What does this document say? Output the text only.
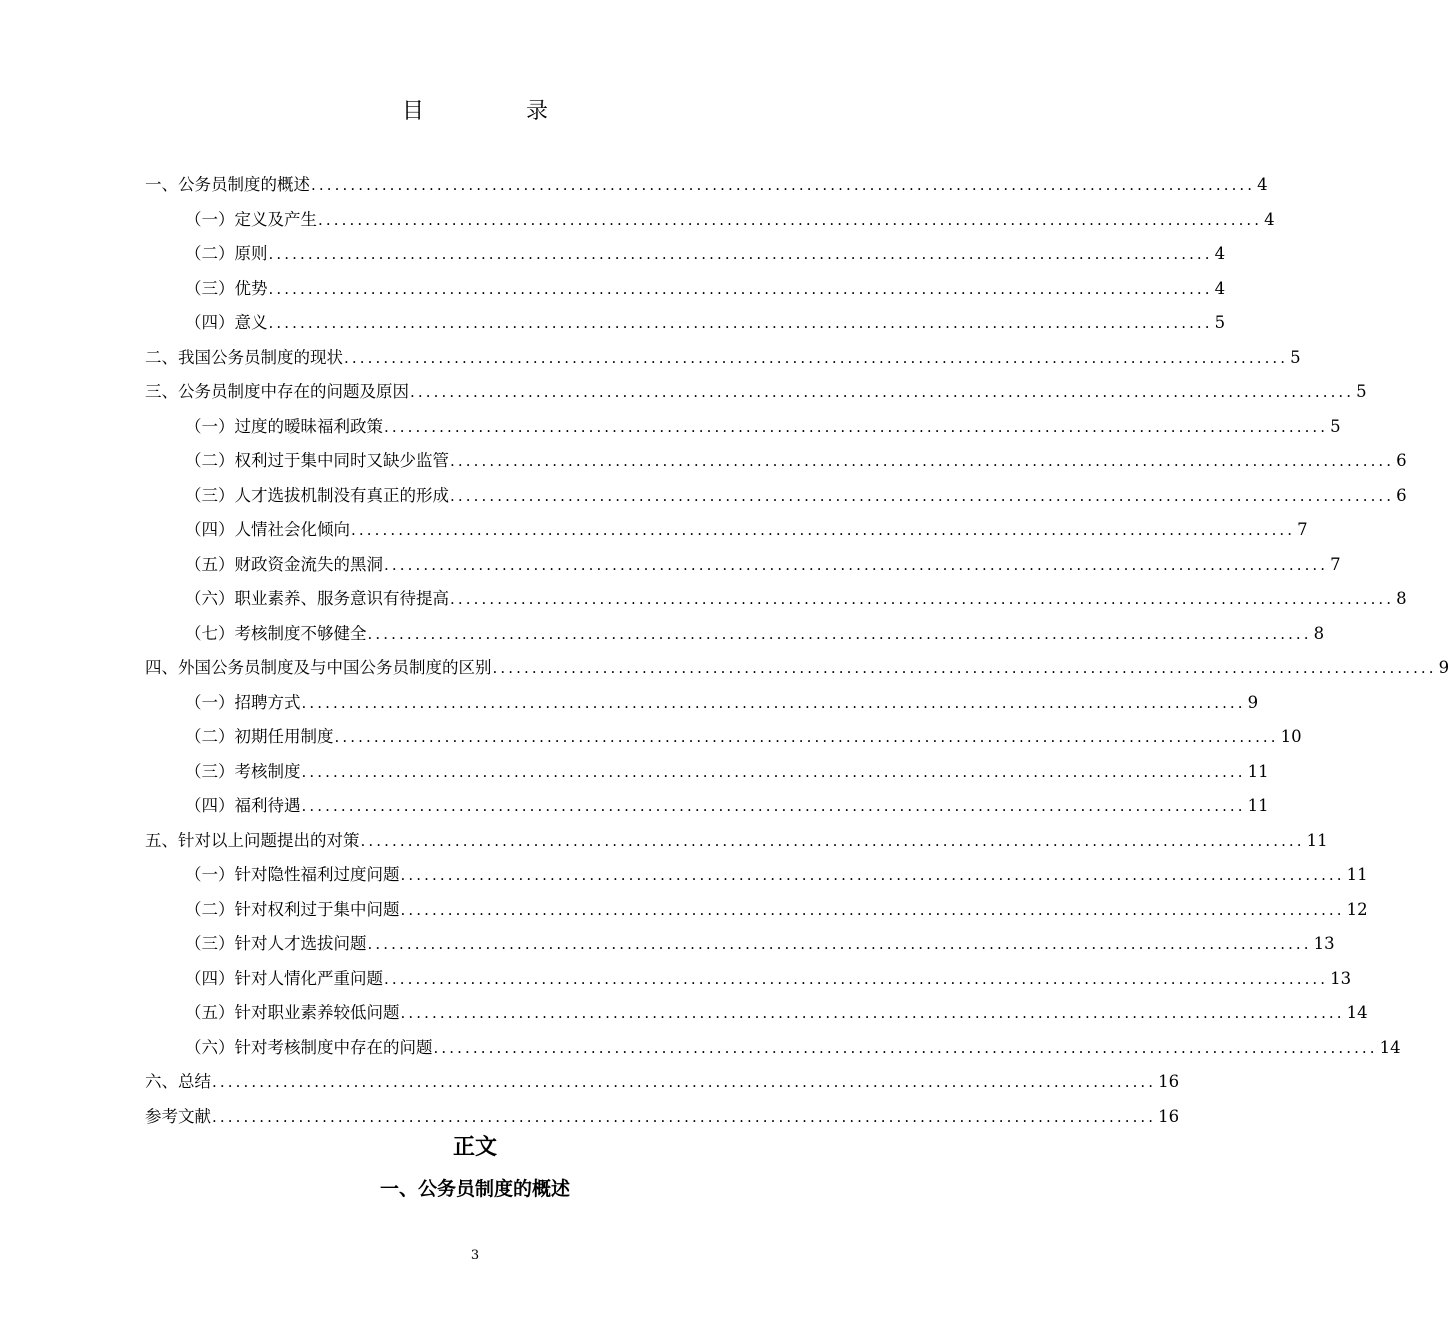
目　录
一、公务员制度的概述 ........................................................................................................................ 4
（一）定义及产生 ........................................................................................................................ 4
（二）原则 ........................................................................................................................ 4
（三）优势 ........................................................................................................................ 4
（四）意义 ........................................................................................................................ 5
二、我国公务员制度的现状 ........................................................................................................................ 5
三、公务员制度中存在的问题及原因 ........................................................................................................................ 5
（一）过度的暧昧福利政策 ........................................................................................................................ 5
（二）权利过于集中同时又缺少监管 ........................................................................................................................ 6
（三）人才选拔机制没有真正的形成 ........................................................................................................................ 6
（四）人情社会化倾向 ........................................................................................................................ 7
（五）财政资金流失的黑洞 ........................................................................................................................ 7
（六）职业素养、服务意识有待提高 ........................................................................................................................ 8
（七）考核制度不够健全 ........................................................................................................................ 8
四、外国公务员制度及与中国公务员制度的区别 ........................................................................................................................ 9
（一）招聘方式 ........................................................................................................................ 9
（二）初期任用制度 ........................................................................................................................ 10
（三）考核制度 ........................................................................................................................ 11
（四）福利待遇 ........................................................................................................................ 11
五、针对以上问题提出的对策 ........................................................................................................................ 11
（一）针对隐性福利过度问题 ........................................................................................................................ 11
（二）针对权利过于集中问题 ........................................................................................................................ 12
（三）针对人才选拔问题 ........................................................................................................................ 13
（四）针对人情化严重问题 ........................................................................................................................ 13
（五）针对职业素养较低问题 ........................................................................................................................ 14
（六）针对考核制度中存在的问题 ........................................................................................................................ 14
六、总结 ........................................................................................................................ 16
参考文献 ........................................................................................................................ 16
正文
一、公务员制度的概述
3
